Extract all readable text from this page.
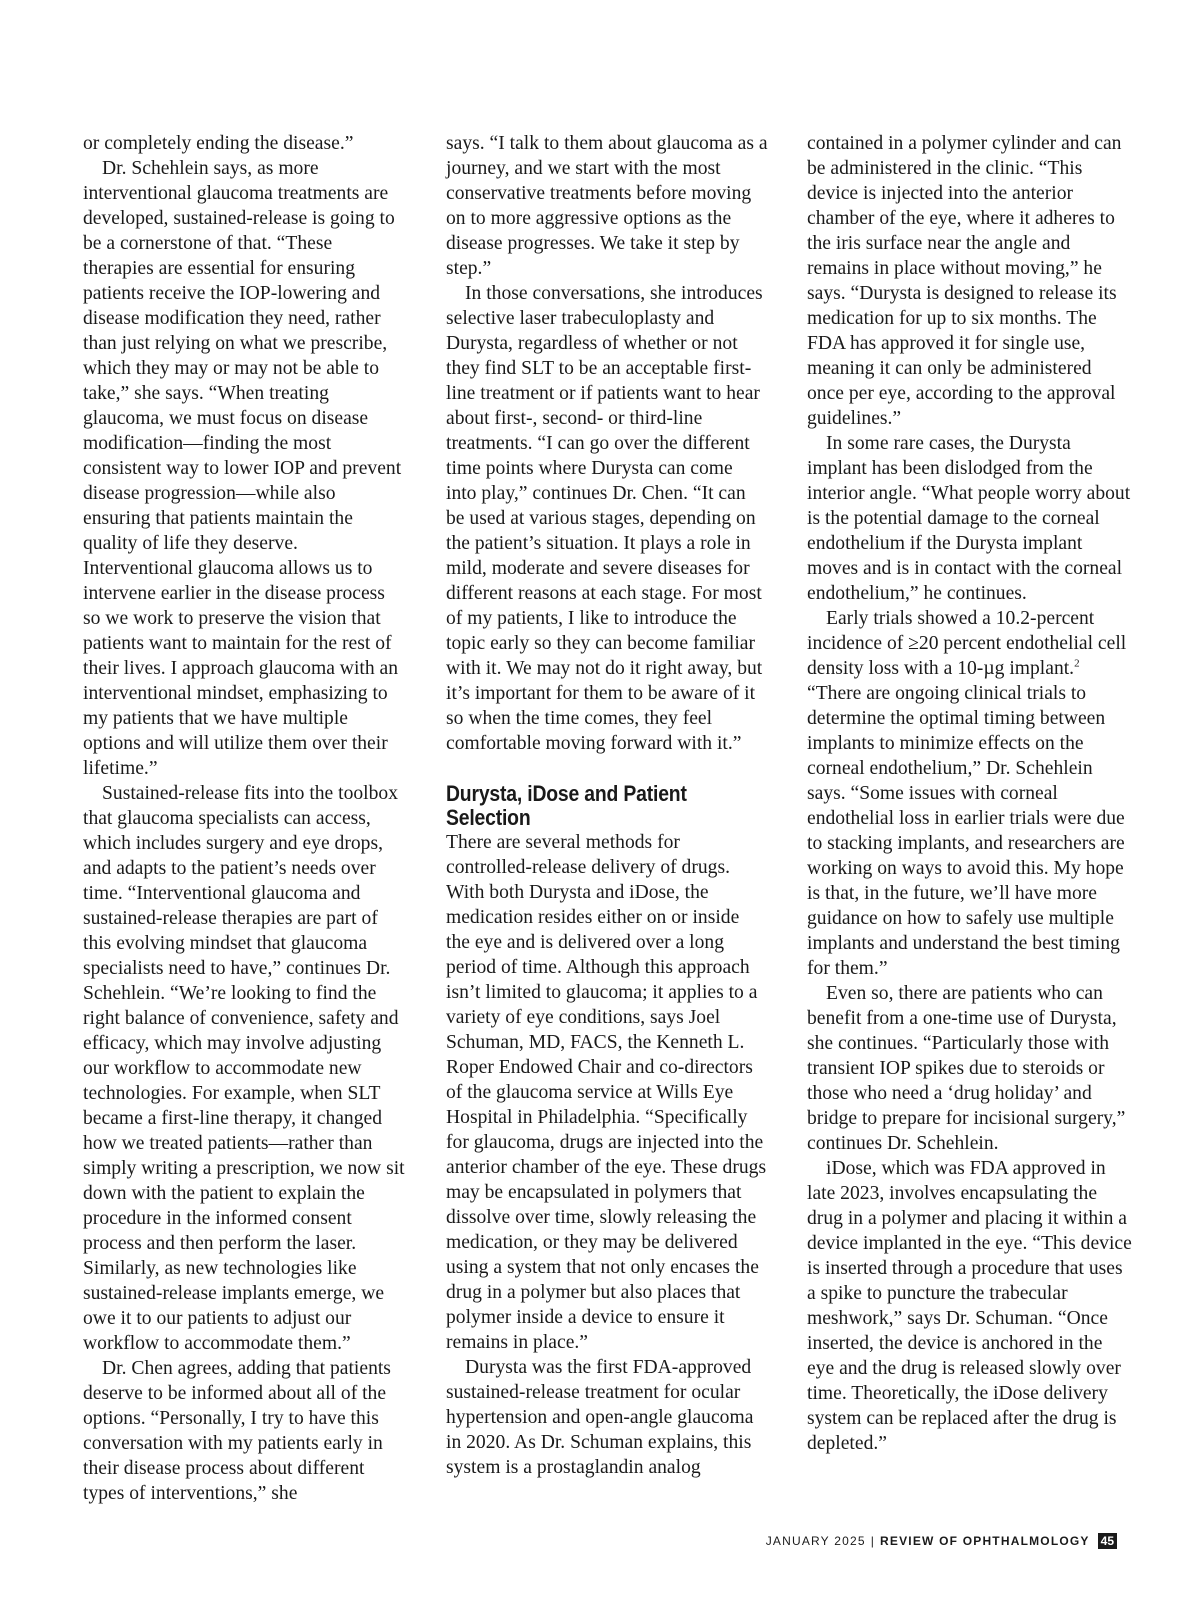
or completely ending the disease.”

Dr. Schehlein says, as more interventional glaucoma treatments are developed, sustained-release is going to be a cornerstone of that. “These therapies are essential for ensuring patients receive the IOP-lowering and disease modification they need, rather than just relying on what we prescribe, which they may or may not be able to take,” she says. “When treating glaucoma, we must focus on disease modification—finding the most consistent way to lower IOP and prevent disease progression—while also ensuring that patients maintain the quality of life they deserve. Interventional glaucoma allows us to intervene earlier in the disease process so we work to preserve the vision that patients want to maintain for the rest of their lives. I approach glaucoma with an interventional mindset, emphasizing to my patients that we have multiple options and will utilize them over their lifetime.”

Sustained-release fits into the toolbox that glaucoma specialists can access, which includes surgery and eye drops, and adapts to the patient’s needs over time. “Interventional glaucoma and sustained-release therapies are part of this evolving mindset that glaucoma specialists need to have,” continues Dr. Schehlein. “We’re looking to find the right balance of convenience, safety and efficacy, which may involve adjusting our workflow to accommodate new technologies. For example, when SLT became a first-line therapy, it changed how we treated patients—rather than simply writing a prescription, we now sit down with the patient to explain the procedure in the informed consent process and then perform the laser. Similarly, as new technologies like sustained-release implants emerge, we owe it to our patients to adjust our workflow to accommodate them.”

Dr. Chen agrees, adding that patients deserve to be informed about all of the options. “Personally, I try to have this conversation with my patients early in their disease process about different types of interventions,” she

says. “I talk to them about glaucoma as a journey, and we start with the most conservative treatments before moving on to more aggressive options as the disease progresses. We take it step by step.”

In those conversations, she introduces selective laser trabeculoplasty and Durysta, regardless of whether or not they find SLT to be an acceptable first-line treatment or if patients want to hear about first-, second- or third-line treatments. “I can go over the different time points where Durysta can come into play,” continues Dr. Chen. “It can be used at various stages, depending on the patient’s situation. It plays a role in mild, moderate and severe diseases for different reasons at each stage. For most of my patients, I like to introduce the topic early so they can become familiar with it. We may not do it right away, but it’s important for them to be aware of it so when the time comes, they feel comfortable moving forward with it.”

Durysta, iDose and Patient Selection

There are several methods for controlled-release delivery of drugs. With both Durysta and iDose, the medication resides either on or inside the eye and is delivered over a long period of time. Although this approach isn’t limited to glaucoma; it applies to a variety of eye conditions, says Joel Schuman, MD, FACS, the Kenneth L. Roper Endowed Chair and co-directors of the glaucoma service at Wills Eye Hospital in Philadelphia. “Specifically for glaucoma, drugs are injected into the anterior chamber of the eye. These drugs may be encapsulated in polymers that dissolve over time, slowly releasing the medication, or they may be delivered using a system that not only encases the drug in a polymer but also places that polymer inside a device to ensure it remains in place.”

Durysta was the first FDA-approved sustained-release treatment for ocular hypertension and open-angle glaucoma in 2020. As Dr. Schuman explains, this system is a prostaglandin analog

contained in a polymer cylinder and can be administered in the clinic. “This device is injected into the anterior chamber of the eye, where it adheres to the iris surface near the angle and remains in place without moving,” he says. “Durysta is designed to release its medication for up to six months. The FDA has approved it for single use, meaning it can only be administered once per eye, according to the approval guidelines.”

In some rare cases, the Durysta implant has been dislodged from the interior angle. “What people worry about is the potential damage to the corneal endothelium if the Durysta implant moves and is in contact with the corneal endothelium,” he continues.

Early trials showed a 10.2-percent incidence of ≥20 percent endothelial cell density loss with a 10-µg implant.$^2$

“There are ongoing clinical trials to determine the optimal timing between implants to minimize effects on the corneal endothelium,” Dr. Schehlein says. “Some issues with corneal endothelial loss in earlier trials were due to stacking implants, and researchers are working on ways to avoid this. My hope is that, in the future, we’ll have more guidance on how to safely use multiple implants and understand the best timing for them.”

Even so, there are patients who can benefit from a one-time use of Durysta, she continues. “Particularly those with transient IOP spikes due to steroids or those who need a ‘drug holiday’ and bridge to prepare for incisional surgery,” continues Dr. Schehlein.

iDose, which was FDA approved in late 2023, involves encapsulating the drug in a polymer and placing it within a device implanted in the eye. “This device is inserted through a procedure that uses a spike to puncture the trabecular meshwork,” says Dr. Schuman. “Once inserted, the device is anchored in the eye and the drug is released slowly over time. Theoretically, the iDose delivery system can be replaced after the drug is depleted.”

JANUARY 2025 | REVIEW OF OPHTHALMOLOGY 45
